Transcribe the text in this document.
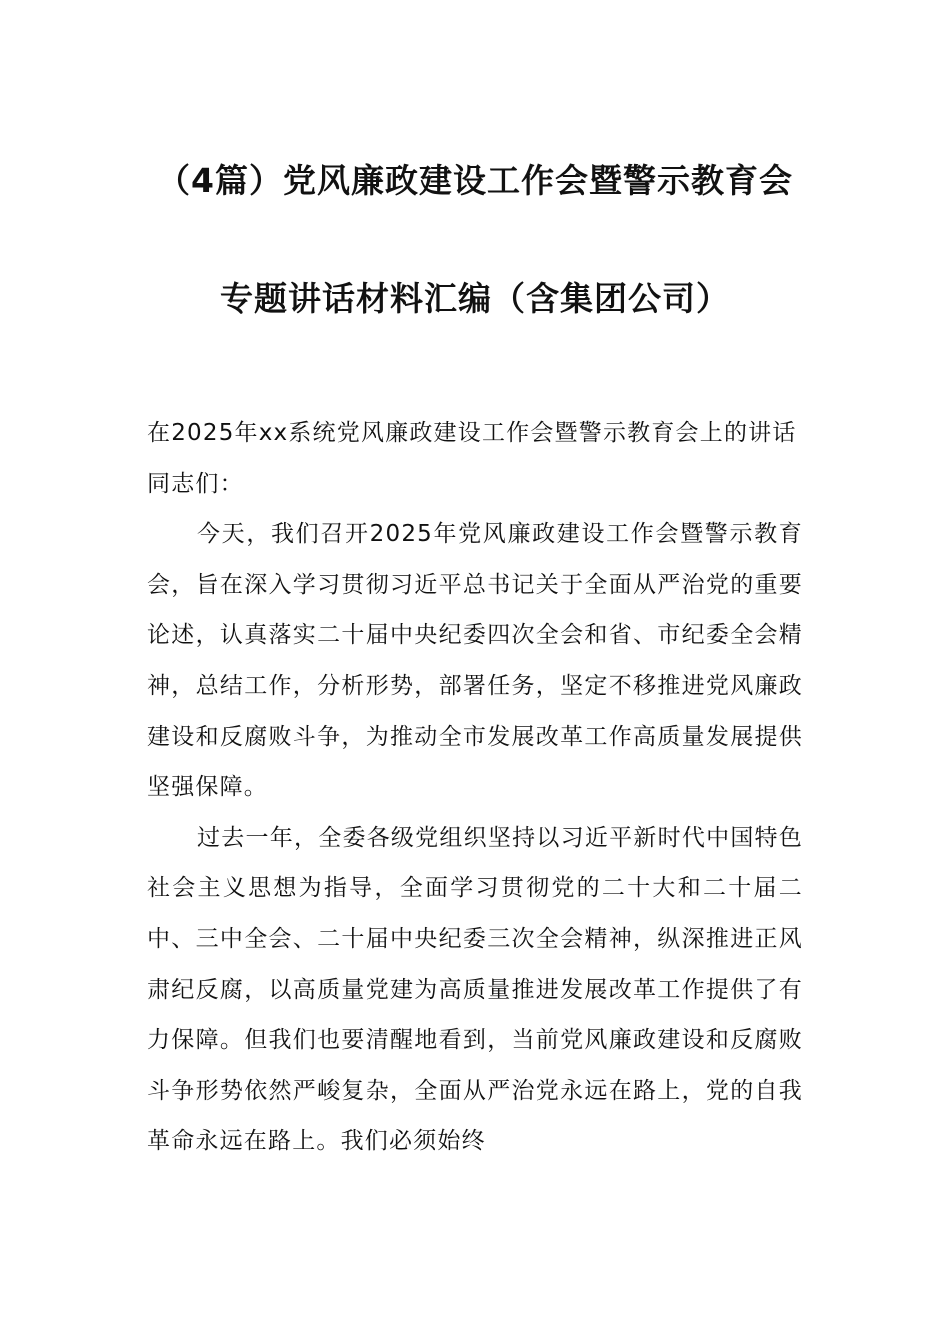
（4篇）党风廉政建设工作会暨警示教育会
专题讲话材料汇编（含集团公司）

在2025年xx系统党风廉政建设工作会暨警示教育会上的讲话

同志们：

今天，我们召开2025年党风廉政建设工作会暨警示教育会，旨在深入学习贯彻习近平总书记关于全面从严治党的重要论述，认真落实二十届中央纪委四次全会和省、市纪委全会精神，总结工作，分析形势，部署任务，坚定不移推进党风廉政建设和反腐败斗争，为推动全市发展改革工作高质量发展提供坚强保障。

过去一年，全委各级党组织坚持以习近平新时代中国特色社会主义思想为指导，全面学习贯彻党的二十大和二十届二中、三中全会、二十届中央纪委三次全会精神，纵深推进正风肃纪反腐，以高质量党建为高质量推进发展改革工作提供了有力保障。但我们也要清醒地看到，当前党风廉政建设和反腐败斗争形势依然严峻复杂，全面从严治党永远在路上，党的自我革命永远在路上。我们必须始终
